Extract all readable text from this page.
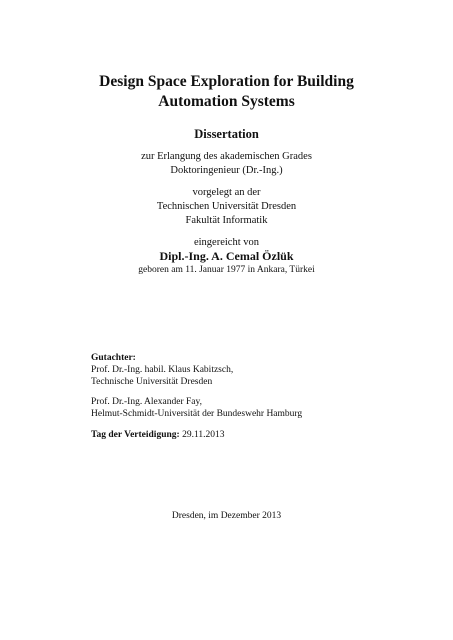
Design Space Exploration for Building
Automation Systems
Dissertation
zur Erlangung des akademischen Grades
Doktoringenieur (Dr.-Ing.)
vorgelegt an der
Technischen Universität Dresden
Fakultät Informatik
eingereicht von
Dipl.-Ing. A. Cemal Özlük
geboren am 11. Januar 1977 in Ankara, Türkei
Gutachter:
Prof. Dr.-Ing. habil. Klaus Kabitzsch,
Technische Universität Dresden
Prof. Dr.-Ing. Alexander Fay,
Helmut-Schmidt-Universität der Bundeswehr Hamburg
Tag der Verteidigung: 29.11.2013
Dresden, im Dezember 2013
